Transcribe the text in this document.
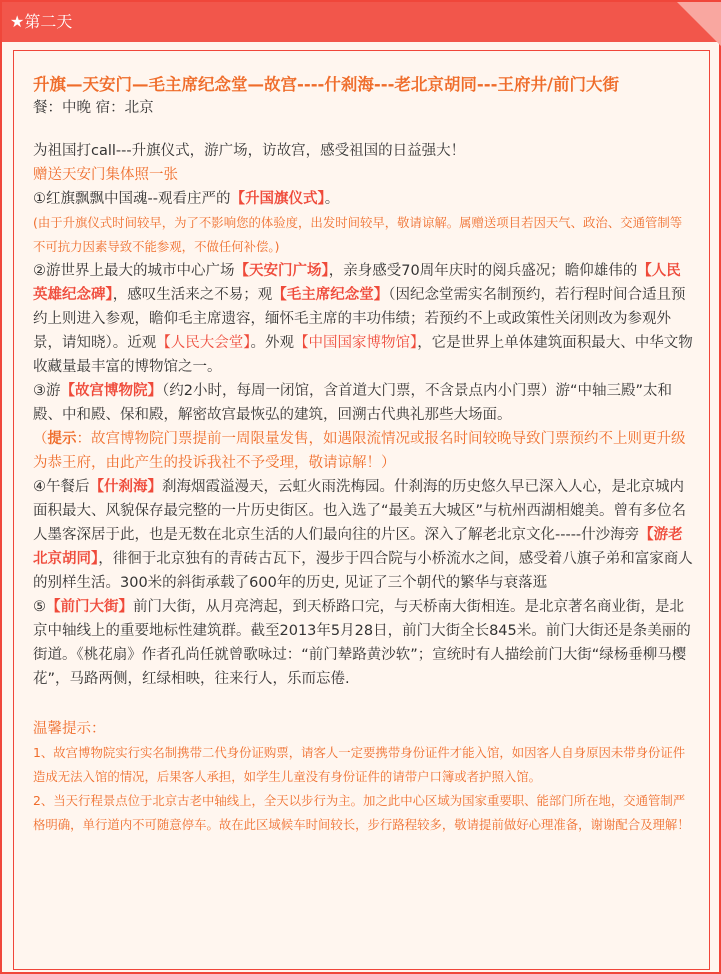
★第二天

升旗—天安门—毛主席纪念堂—故宫----什刹海---老北京胡同---王府井/前门大街

餐：中晚 宿：北京

为祖国打call---升旗仪式，游广场，访故宫，感受祖国的日益强大！

赠送天安门集体照一张

①红旗飘飘中国魂--观看庄严的【升国旗仪式】。

(由于升旗仪式时间较早，为了不影响您的体验度，出发时间较早，敬请谅解。属赠送项目若因天气、政治、交通管制等不可抗力因素导致不能参观，不做任何补偿。)

②游世界上最大的城市中心广场【天安门广场】，亲身感受70周年庆时的阅兵盛况；瞻仰雄伟的【人民英雄纪念碑】，感叹生活来之不易；观【毛主席纪念堂】（因纪念堂需实名制预约，若行程时间合适且预约上则进入参观，瞻仰毛主席遗容，缅怀毛主席的丰功伟绩；若预约不上或政策性关闭则改为参观外景，请知晓）。近观【人民大会堂】。外观【中国国家博物馆】，它是世界上单体建筑面积最大、中华文物收藏量最丰富的博物馆之一。

③游【故宫博物院】（约2小时，每周一闭馆，含首道大门票，不含景点内小门票）游“中轴三殿”太和殿、中和殿、保和殿，解密故宫最恢弘的建筑，回溯古代典礼那些大场面。

（提示：故宫博物院门票提前一周限量发售，如遇限流情况或报名时间较晚导致门票预约不上则更升级为恭王府，由此产生的投诉我社不予受理，敬请谅解！）

④午餐后【什刹海】刹海烟霞溢漫天，云虹火雨洗梅园。什刹海的历史悠久早已深入人心，是北京城内面积最大、风貌保存最完整的一片历史街区。也入选了“最美五大城区”与杭州西湖相媲美。曾有多位名人墨客深居于此，也是无数在北京生活的人们最向往的片区。深入了解老北京文化-----什沙海旁【游老北京胡同】，徘徊于北京独有的青砖古瓦下，漫步于四合院与小桥流水之间，感受着八旗子弟和富家商人的别样生活。300米的斜街承载了600年的历史, 见证了三个朝代的繁华与衰落逛

⑤【前门大街】前门大街，从月亮湾起，到天桥路口完，与天桥南大街相连。是北京著名商业街，是北京中轴线上的重要地标性建筑群。截至2013年5月28日，前门大街全长845米。前门大街还是条美丽的街道。《桃花扇》作者孔尚任就曾歌咏过：“前门辇路黄沙软”；宣统时有人描绘前门大街“绿杨垂柳马樱花”，马路两侧，红绿相映，往来行人，乐而忘倦.

温馨提示：

1、故宫博物院实行实名制携带二代身份证购票，请客人一定要携带身份证件才能入馆，如因客人自身原因未带身份证件造成无法入馆的情况，后果客人承担，如学生儿童没有身份证件的请带户口簿或者护照入馆。

2、当天行程景点位于北京古老中轴线上，全天以步行为主。加之此中心区域为国家重要职、能部门所在地，交通管制严格明确，单行道内不可随意停车。故在此区域候车时间较长，步行路程较多，敬请提前做好心理准备，谢谢配合及理解！
